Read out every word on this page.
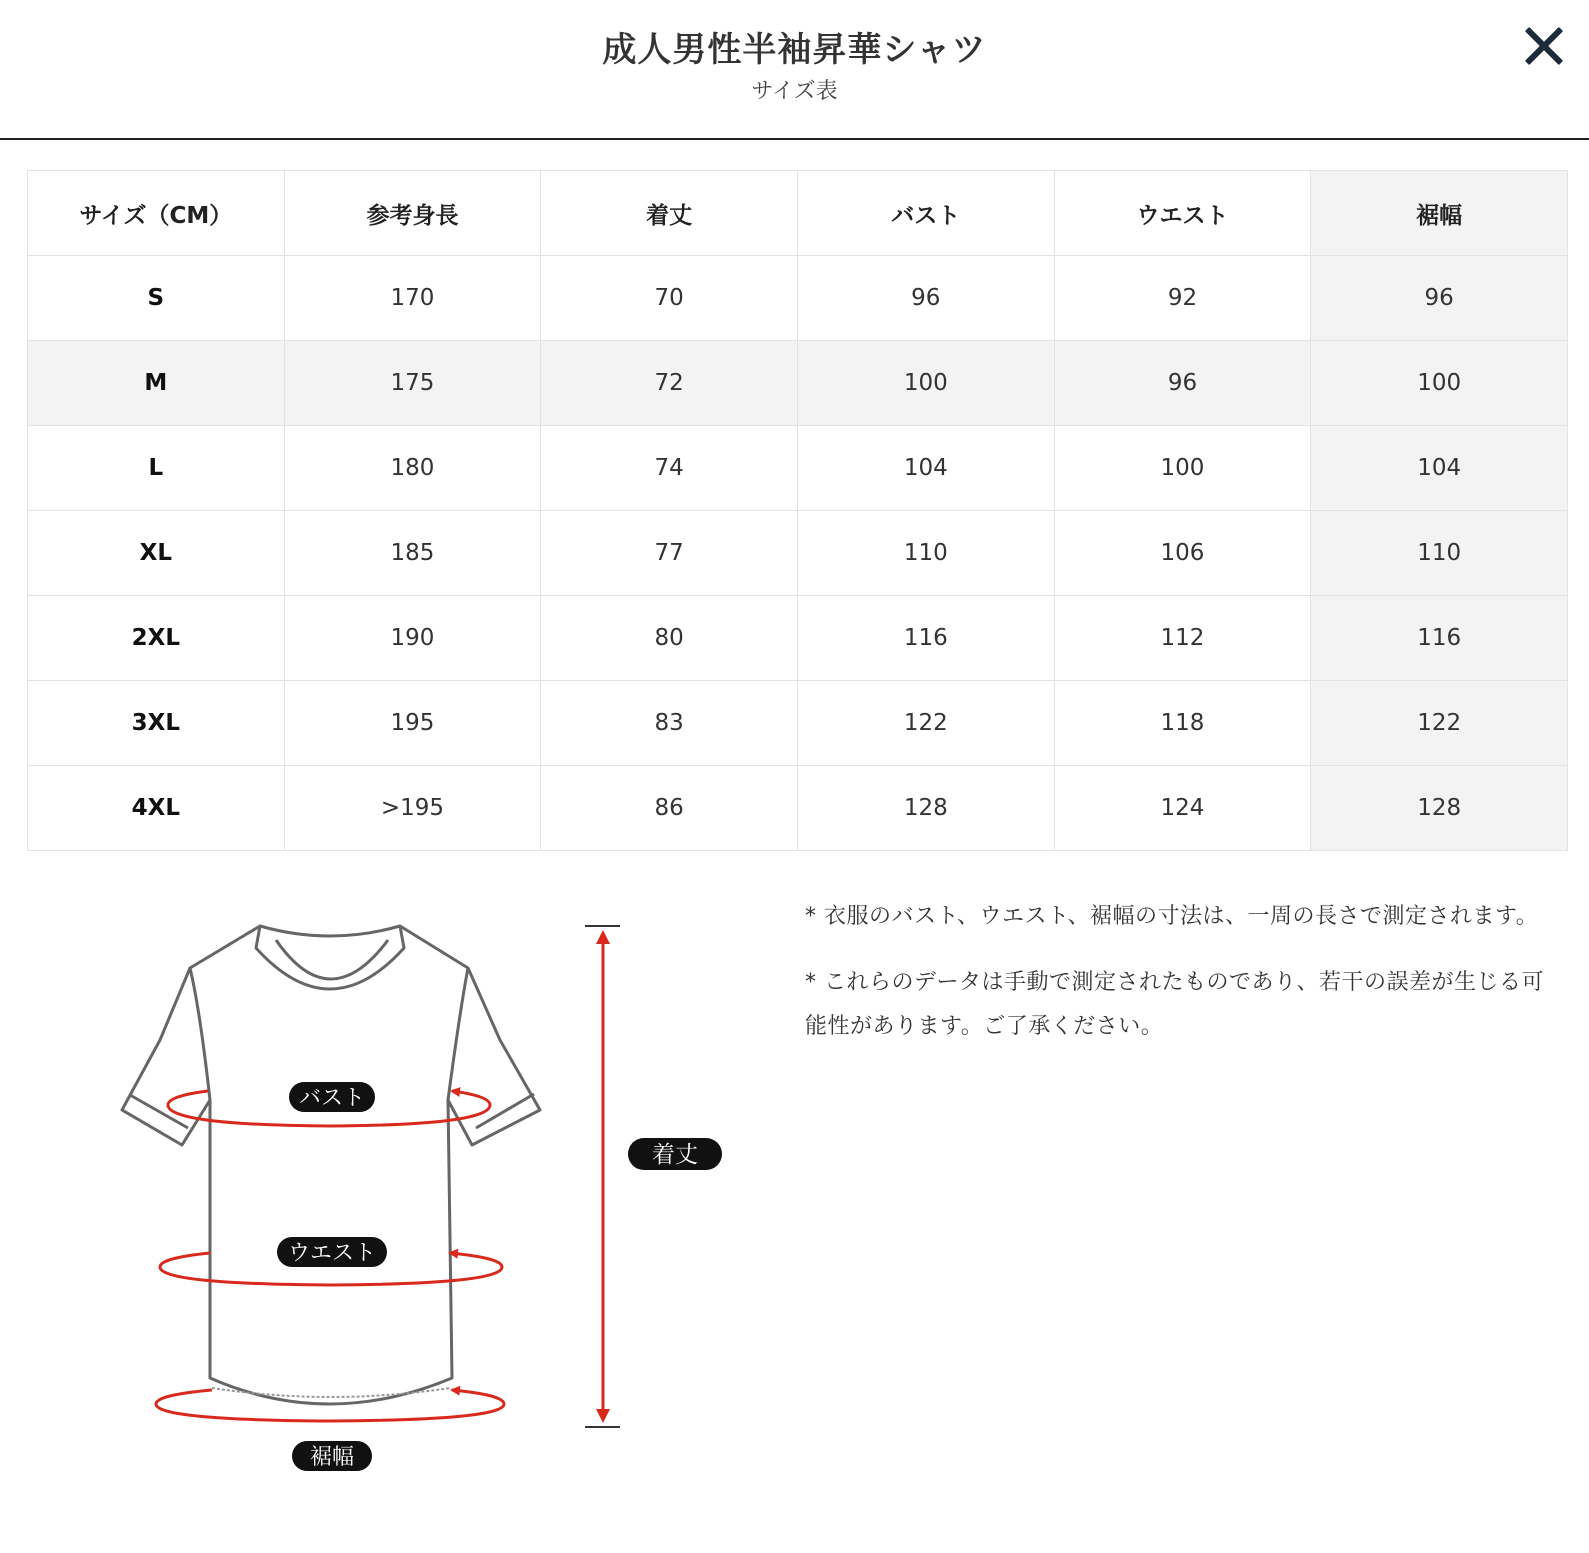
成人男性半袖昇華シャツ
サイズ表
サイズ（CM）	参考身長	着丈	バスト	ウエスト	裾幅
S	170	70	96	92	96
M	175	72	100	96	100
L	180	74	104	100	104
XL	185	77	110	106	110
2XL	190	80	116	112	116
3XL	195	83	122	118	122
4XL	>195	86	128	124	128
バスト
ウエスト
裾幅
着丈

* 衣服のバスト、ウエスト、裾幅の寸法は、一周の長さで測定されます。

* これらのデータは手動で測定されたものであり、若干の誤差が生じる可能性があります。ご了承ください。
